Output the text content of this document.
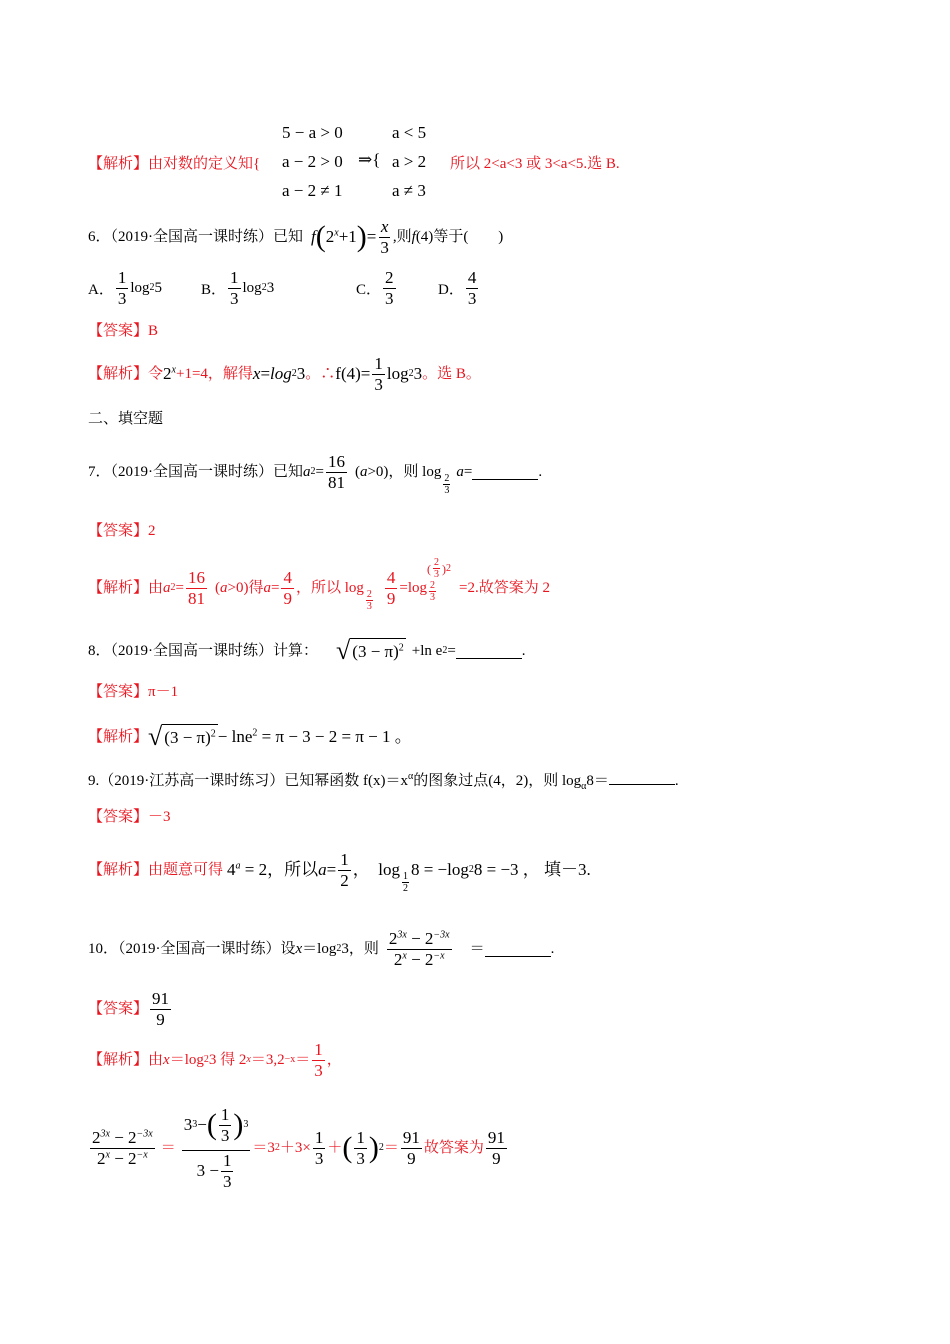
【解析】由对数的定义知{
5 − a > 0
a − 2 > 0
a − 2 ≠ 1
⇒{
a < 5
a > 2
a ≠ 3
所以 2<a<3 或 3<a<5.选 B.
6．（2019·全国高一课时练）已知 f ( $2^x+1$ ) = $\frac{x}{3}$ ,则 f (4) 等于(　　)
A． $\frac{1}{3}$ log 2 5	B． $\frac{1}{3}$ log 2 3	C． $\frac{2}{3}$	D． $\frac{4}{3}$
【答案】B
【解析】 令 $2^x +1=4$，解得 x = log 2 3 。∴ $f(4)= \frac{1}{3}$ log 2 3 。选 B。
二、填空题
7．（2019·全国高一课时练）已知 a $2 = \frac{16}{81}$ ( a >0)，则 log
$\frac{2}{3}$
a =	.
【答案】2
【解析】 由 a $2 = \frac{16}{81}$ ( a >0)得 $a = \frac{4}{9}$ ，所以 log
$\frac{2}{3} \frac{4}{9} =\log$
( $\frac{2}{3}$ ) 2
$\frac{2}{3} =2$.故答案为 2
8．（2019·全国高一课时练）计算： √ $(3 - \pi)^2 +\ln$ e 2 =	.
【答案】π－1
【解析】 √ $(3 - \pi)^2 - \ln e^2 = \pi - 3 - 2 = \pi - 1$ 。
9.（2019·江苏高一课时练习）已知幂函数 $f(x)=x^\alpha$的图象过点(4，2)，则 $\log_\alpha 8=$	.
【答案】－3
【解析】 由题意可得 $4^a = 2$，所以 $a = \frac{1}{2}$ ，　log
$\frac{1}{2}$
8 = −log 2 8 = −3 ， 填－3.
10．（2019·全国高一课时练）设 x ＝log 2 3，则 $\frac{2^{3x} - 2^{-3x}}{2^x - 2^{-x}}$ ＝	.
【答案】 $\frac{91}{9}$
【解析】 由 x ＝log 2 3 得 2 $x =3,2 -x = \frac{1}{3}$ ，
$\frac{2^{3x} - 2^{-3x}}{2^x - 2^{-x}} = \frac{3 3 - ( \frac{1}{3} ) 3}{3 - \frac{1}{3}} =3$ $2 +3\times \frac{1}{3}$ ＋ ( $\frac{1}{3}$ ) $2 = \frac{91}{9}$ 故答案为 $\frac{91}{9}$
